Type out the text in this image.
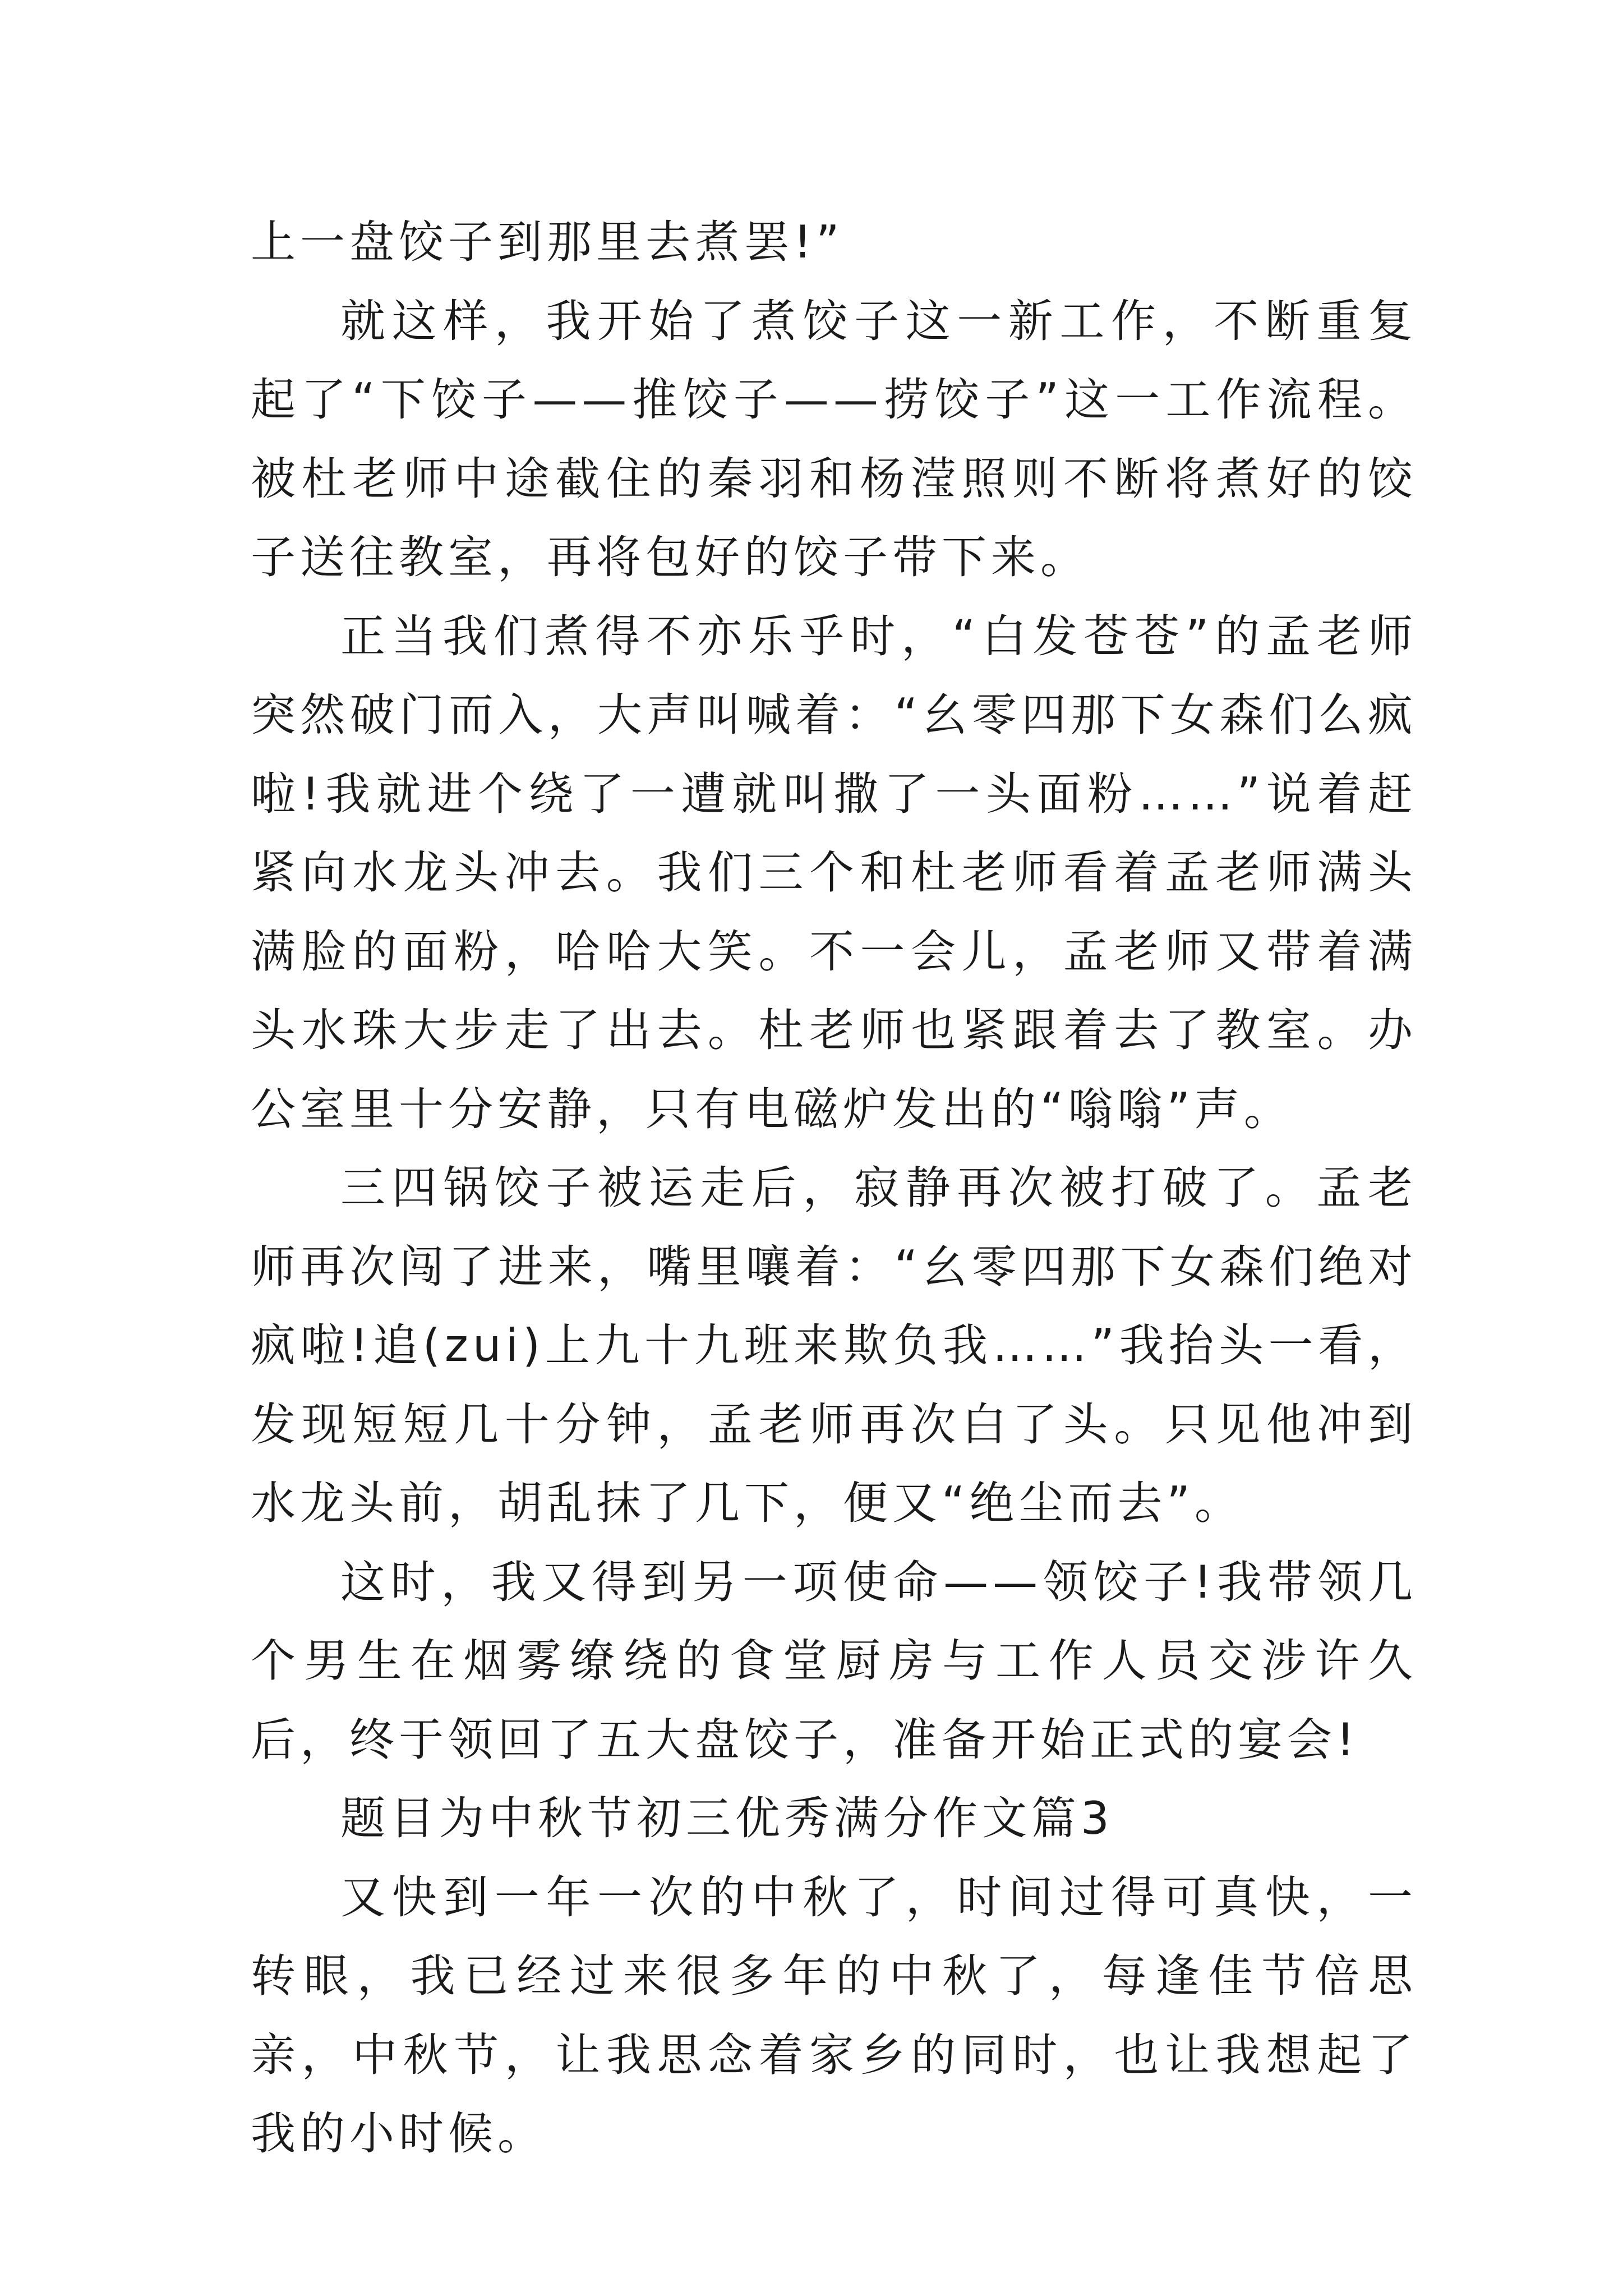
上一盘饺子到那里去煮罢!”

就这样，我开始了煮饺子这一新工作，不断重复起了“下饺子——推饺子——捞饺子”这一工作流程。被杜老师中途截住的秦羽和杨滢照则不断将煮好的饺子送往教室，再将包好的饺子带下来。

正当我们煮得不亦乐乎时，“白发苍苍”的孟老师突然破门而入，大声叫喊着：“幺零四那下女森们么疯啦!我就进个绕了一遭就叫撒了一头面粉……”说着赶紧向水龙头冲去。我们三个和杜老师看着孟老师满头满脸的面粉，哈哈大笑。不一会儿，孟老师又带着满头水珠大步走了出去。杜老师也紧跟着去了教室。办公室里十分安静，只有电磁炉发出的“嗡嗡”声。

三四锅饺子被运走后，寂静再次被打破了。孟老师再次闯了进来，嘴里嚷着：“幺零四那下女森们绝对疯啦!追(zui)上九十九班来欺负我……”我抬头一看，发现短短几十分钟，孟老师再次白了头。只见他冲到水龙头前，胡乱抹了几下，便又“绝尘而去”。

这时，我又得到另一项使命——领饺子!我带领几个男生在烟雾缭绕的食堂厨房与工作人员交涉许久后，终于领回了五大盘饺子，准备开始正式的宴会!

题目为中秋节初三优秀满分作文篇3

又快到一年一次的中秋了，时间过得可真快，一转眼，我已经过来很多年的中秋了，每逢佳节倍思亲，中秋节，让我思念着家乡的同时，也让我想起了我的小时候。
